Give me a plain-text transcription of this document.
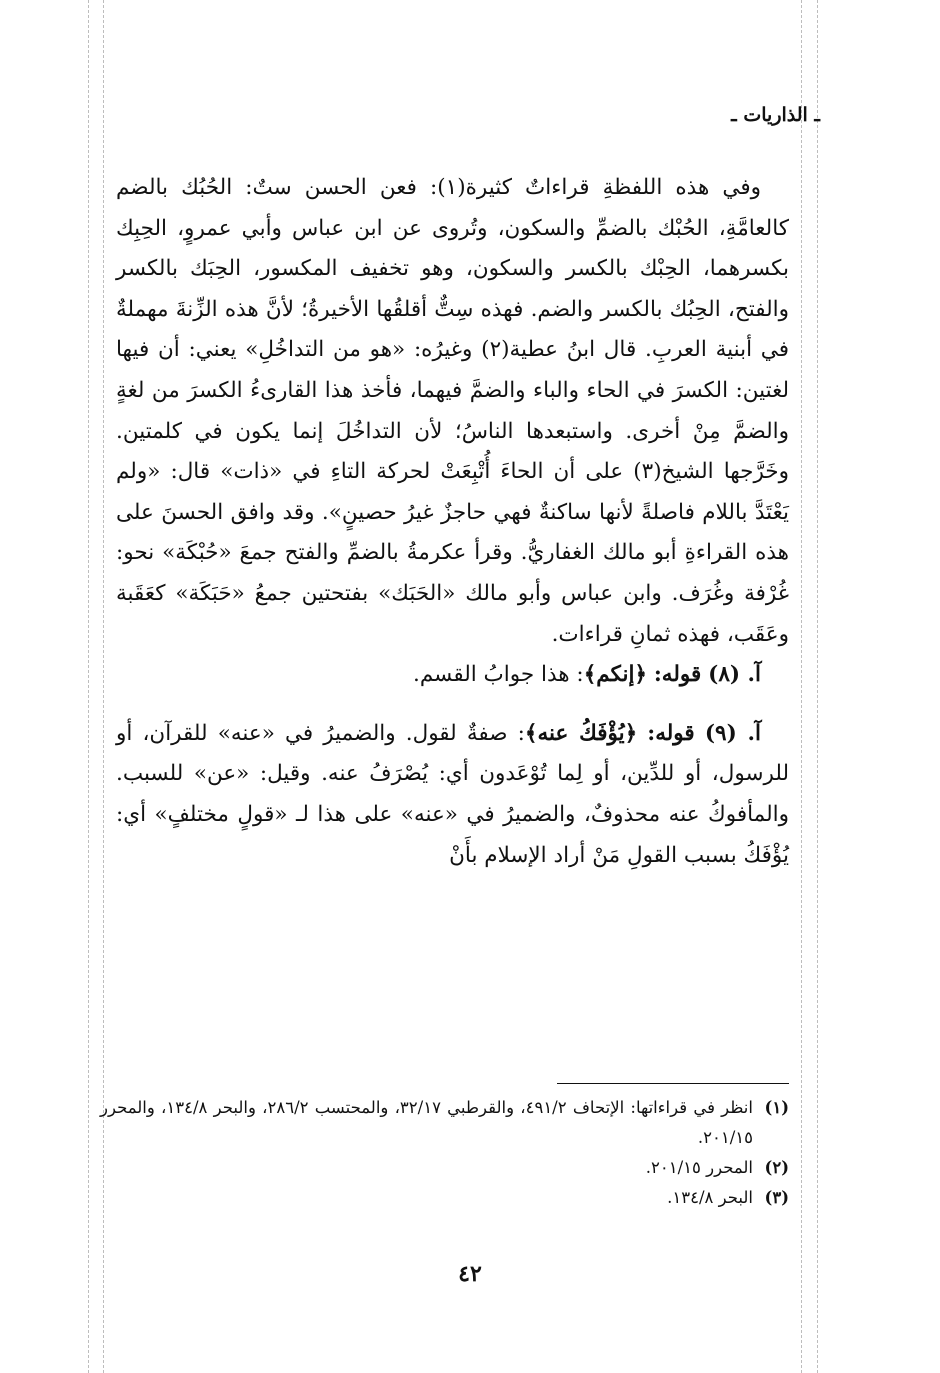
ـ الذاريات ـ

وفي هذه اللفظةِ قراءاتٌ كثيرة(١): فعن الحسن ستٌ: الحُبُك بالضم كالعامَّةِ، الحُبْك بالضمِّ والسكون، وتُروى عن ابن عباس وأبي عمروٍ، الحِبِك بكسرهما، الحِبْك بالكسر والسكون، وهو تخفيف المكسور، الحِبَك بالكسر والفتح، الحِبُك بالكسر والضم. فهذه سِتٌّ أقلقُها الأخيرةُ؛ لأنَّ هذه الزِّنةَ مهملةٌ في أبنية العربِ. قال ابنُ عطية(٢) وغيرُه: «هو من التداخُلِ» يعني: أن فيها لغتين: الكسرَ في الحاء والباء والضمَّ فيهما، فأخذ هذا القارىءُ الكسرَ من لغةٍ والضمَّ مِنْ أخرى. واستبعدها الناسُ؛ لأن التداخُلَ إنما يكون في كلمتين. وخَرَّجها الشيخ(٣) على أن الحاءَ أُتْبِعَتْ لحركة التاءِ في «ذات» قال: «ولم يَعْتَدَّ باللام فاصلةً لأنها ساكنةٌ فهي حاجزٌ غيرُ حصينٍ». وقد وافق الحسنَ على هذه القراءةِ أبو مالك الغفاريُّ. وقرأ عكرمةُ بالضمِّ والفتح جمعَ «حُبْكَة» نحو: غُرْفة وغُرَف. وابن عباس وأبو مالك «الحَبَك» بفتحتين جمعُ «حَبَكَة» كعَقَبة وعَقَب، فهذه ثمانِ قراءات.

آ. (٨) قوله: ﴿إنكم﴾: هذا جوابُ القسم.

آ. (٩) قوله: ﴿يُؤْفَكُ عنه﴾: صفةٌ لقول. والضميرُ في «عنه» للقرآن، أو للرسول، أو للدِّين، أو لِما تُوْعَدون أي: يُصْرَفُ عنه. وقيل: «عن» للسبب. والمأفوكُ عنه محذوفٌ، والضميرُ في «عنه» على هذا لـ «قولٍ مختلفٍ» أي: يُؤْفَكُ بسبب القولِ مَنْ أراد الإسلام بأَنْ

(١)
انظر في قراءاتها: الإتحاف ٤٩١/٢، والقرطبي ٣٢/١٧، والمحتسب ٢٨٦/٢، والبحر ١٣٤/٨، والمحرر ٢٠١/١٥.
(٢)
المحرر ٢٠١/١٥.
(٣)
البحر ١٣٤/٨.
٤٢
